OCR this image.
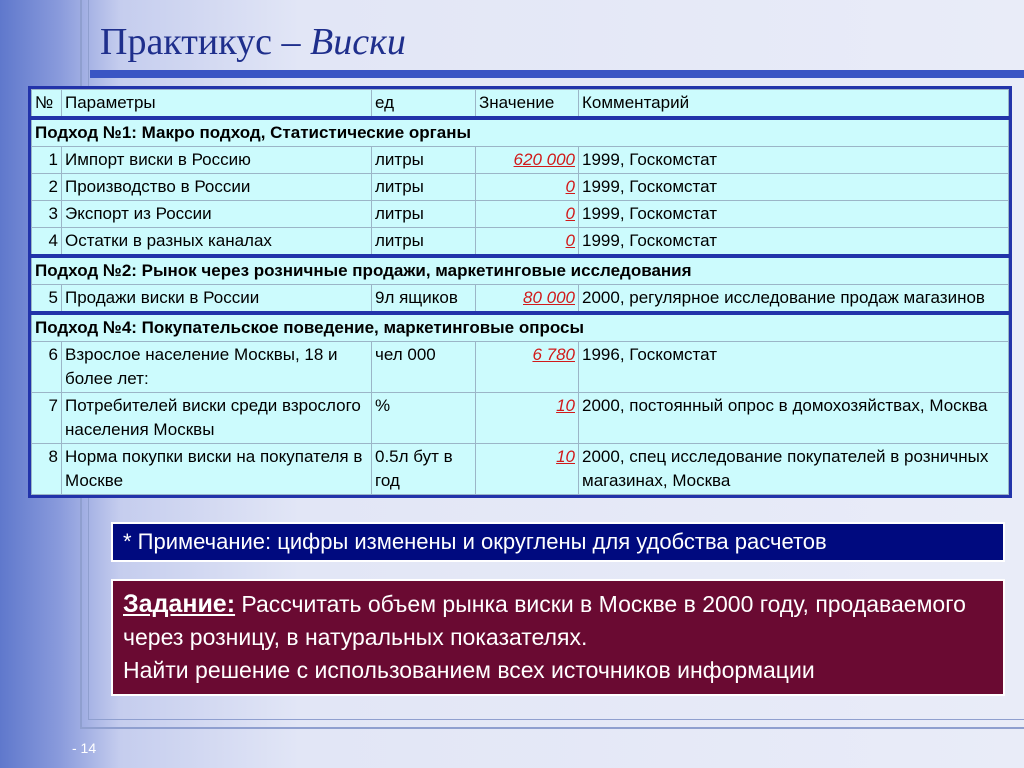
Практикус – Виски
№	Параметры	ед	Значение	Комментарий
Подход №1: Макро подход, Статистические органы				
1	Импорт виски в Россию	литры	620 000	1999, Госкомстат
2	Производство в России	литры	0	1999, Госкомстат
3	Экспорт из России	литры	0	1999, Госкомстат
4	Остатки в разных каналах	литры	0	1999, Госкомстат
Подход №2: Рынок через розничные продажи, маркетинговые исследования				
5	Продажи виски в России	9л ящиков	80 000	2000, регулярное исследование продаж магазинов
Подход №4: Покупательское поведение, маркетинговые опросы				
6	Взрослое население Москвы, 18 и более лет:	чел 000	6 780	1996, Госкомстат
7	Потребителей виски среди взрослого населения Москвы	%	10	2000, постоянный опрос в домохозяйствах, Москва
8	Норма покупки виски на покупателя в Москве	0.5л бут в год	10	2000, спец исследование покупателей в розничных магазинах, Москва
* Примечание: цифры изменены и округлены для удобства расчетов
Задание: Рассчитать объем рынка виски в Москве в 2000 году, продаваемого через розницу, в натуральных показателях.
Найти решение с использованием всех источников информации
- 14
